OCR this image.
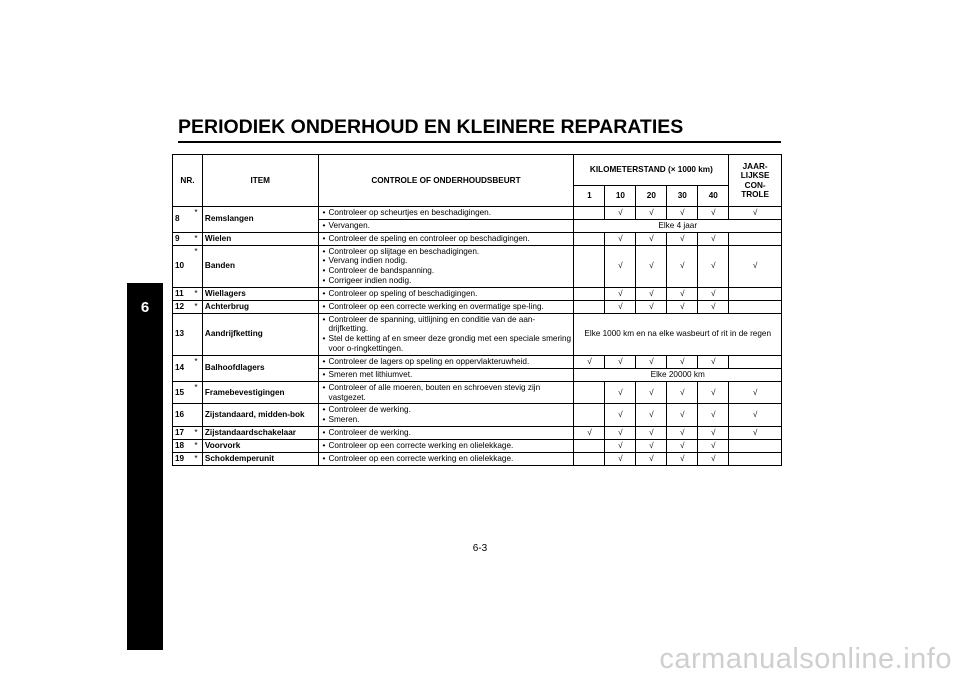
PERIODIEK ONDERHOUD EN KLEINERE REPARATIES
6
NR.		ITEM	CONTROLE OF ONDERHOUDSBEURT	KILOMETERSTAND (× 1000 km)					JAAR-LIJKSE CON-TROLE
				1	10	20	30	40	
8	*	Remslangen	• Controleer op scheurtjes en beschadigingen.		√	√	√	√	√

			• Vervangen.	Elke 4 jaar					
9	*	Wielen	• Controleer de speling en controleer op beschadigingen.		√	√	√	√	
10	*	Banden	• Controleer op slijtage en beschadigingen.
• Vervang indien nodig.
• Controleer de bandspanning.
• Corrigeer indien nodig.		√	√	√	√	√
11	*	Wiellagers	• Controleer op speling of beschadigingen.		√	√	√	√	
12	*	Achterbrug	• Controleer op een correcte werking en overmatige spe-ling.		√	√	√	√	
13		Aandrijfketting	• Controleer de spanning, uitlijning en conditie van de aan-drijfketting.
• Stel de ketting af en smeer deze grondig met een speciale smering voor o-ringkettingen.	Elke 1000 km en na elke wasbeurt of rit in de regen					
14	*	Balhoofdlagers	• Controleer de lagers op speling en oppervlakteruwheid.	√	√	√	√	√	

			• Smeren met lithiumvet.	Elke 20000 km					
15	*	Framebevestigingen	• Controleer of alle moeren, bouten en schroeven stevig zijn vastgezet.		√	√	√	√	√
16		Zijstandaard, midden-bok	• Controleer de werking.
• Smeren.		√	√	√	√	√
17	*	Zijstandaardschakelaar	• Controleer de werking.	√	√	√	√	√	√
18	*	Voorvork	• Controleer op een correcte werking en olielekkage.		√	√	√	√	
19	*	Schokdemperunit	• Controleer op een correcte werking en olielekkage.		√	√	√	√	
6-3
carmanualsonline.info
